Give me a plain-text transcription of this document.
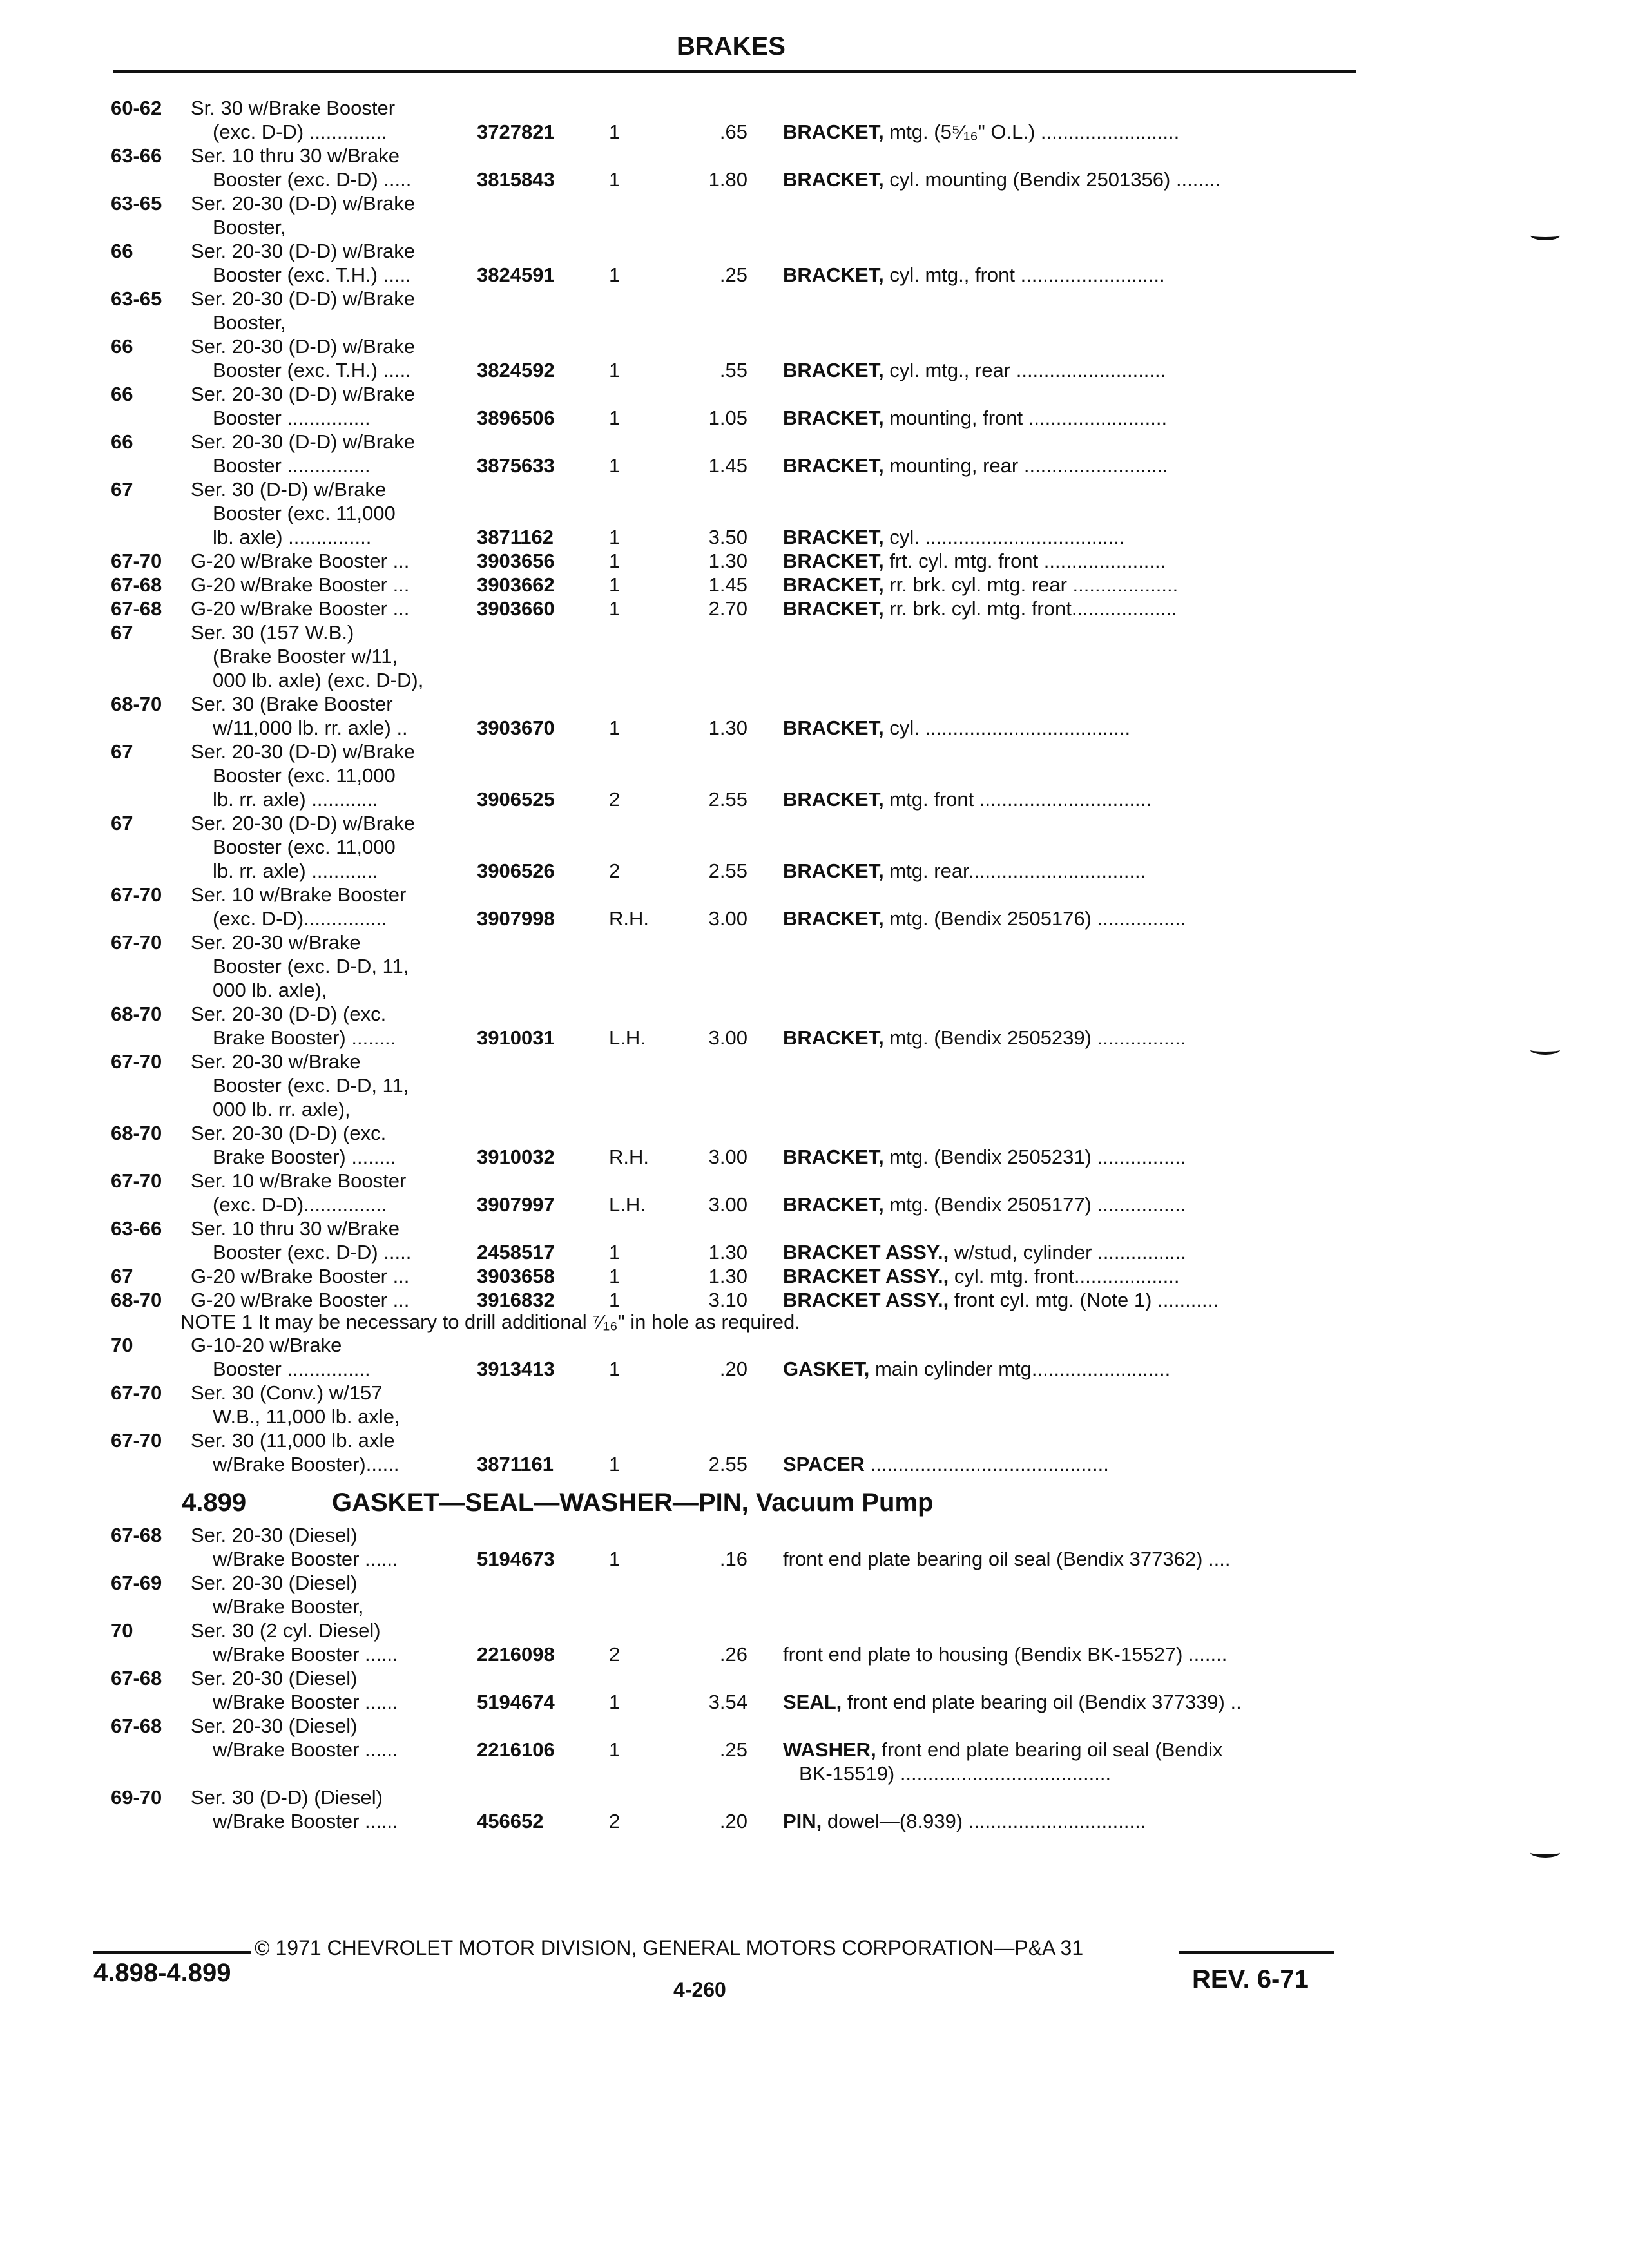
BRAKES
60-62 Sr. 30 w/Brake Booster
(exc. D-D) ..............	3727821	1	.65 BRACKET, mtg. (5⁵⁄₁₆" O.L.) .........................
63-66 Ser. 10 thru 30 w/Brake
Booster (exc. D-D) .....	3815843	1	1.80 BRACKET, cyl. mounting (Bendix 2501356) ........
63-65 Ser. 20-30 (D-D) w/Brake
Booster,
66	Ser. 20-30 (D-D) w/Brake
Booster (exc. T.H.) .....	3824591	1	.25 BRACKET, cyl. mtg., front ..........................
63-65 Ser. 20-30 (D-D) w/Brake
Booster,
66	Ser. 20-30 (D-D) w/Brake
Booster (exc. T.H.) .....	3824592	1	.55 BRACKET, cyl. mtg., rear ...........................
66	Ser. 20-30 (D-D) w/Brake
Booster ...............	3896506	1	1.05 BRACKET, mounting, front .........................
66	Ser. 20-30 (D-D) w/Brake
Booster ...............	3875633	1	1.45 BRACKET, mounting, rear ..........................
67	Ser. 30 (D-D) w/Brake
Booster (exc. 11,000
lb. axle) ...............	3871162	1	3.50 BRACKET, cyl. ....................................
67-70 G-20 w/Brake Booster ...	3903656	1	1.30 BRACKET, frt. cyl. mtg. front ......................
67-68 G-20 w/Brake Booster ...	3903662	1	1.45 BRACKET, rr. brk. cyl. mtg. rear ...................
67-68 G-20 w/Brake Booster ...	3903660	1	2.70 BRACKET, rr. brk. cyl. mtg. front...................
67	Ser. 30 (157 W.B.)
(Brake Booster w/11,
000 lb. axle) (exc. D-D),
68-70 Ser. 30 (Brake Booster
w/11,000 lb. rr. axle) ..	3903670	1	1.30 BRACKET, cyl. .....................................
67	Ser. 20-30 (D-D) w/Brake
Booster (exc. 11,000
lb. rr. axle) ............	3906525	2	2.55 BRACKET, mtg. front ...............................
67	Ser. 20-30 (D-D) w/Brake
Booster (exc. 11,000
lb. rr. axle) ............	3906526	2	2.55 BRACKET, mtg. rear................................
67-70 Ser. 10 w/Brake Booster
(exc. D-D)...............	3907998	R.H.	3.00 BRACKET, mtg. (Bendix 2505176) ................
67-70 Ser. 20-30 w/Brake
Booster (exc. D-D, 11,
000 lb. axle),
68-70 Ser. 20-30 (D-D) (exc.
Brake Booster) ........	3910031	L.H.	3.00 BRACKET, mtg. (Bendix 2505239) ................
67-70 Ser. 20-30 w/Brake
Booster (exc. D-D, 11,
000 lb. rr. axle),
68-70 Ser. 20-30 (D-D) (exc.
Brake Booster) ........	3910032	R.H.	3.00 BRACKET, mtg. (Bendix 2505231) ................
67-70 Ser. 10 w/Brake Booster
(exc. D-D)...............	3907997	L.H.	3.00 BRACKET, mtg. (Bendix 2505177) ................
63-66 Ser. 10 thru 30 w/Brake
Booster (exc. D-D) .....	2458517	1	1.30 BRACKET ASSY., w/stud, cylinder ................
67	G-20 w/Brake Booster ...	3903658	1	1.30 BRACKET ASSY., cyl. mtg. front...................
68-70 G-20 w/Brake Booster ...	3916832	1	3.10 BRACKET ASSY., front cyl. mtg. (Note 1) ...........
70	G-10-20 w/Brake
Booster ...............	3913413	1	.20 GASKET, main cylinder mtg.........................
67-70 Ser. 30 (Conv.) w/157
W.B., 11,000 lb. axle,
67-70 Ser. 30 (11,000 lb. axle
w/Brake Booster)......	3871161	1	2.55 SPACER ...........................................
67-68 Ser. 20-30 (Diesel)
w/Brake Booster ......	5194673	1	.16 front end plate bearing oil seal (Bendix 377362) ....
67-69 Ser. 20-30 (Diesel)
w/Brake Booster,
70	Ser. 30 (2 cyl. Diesel)
w/Brake Booster ......	2216098	2	.26 front end plate to housing (Bendix BK-15527) .......
67-68 Ser. 20-30 (Diesel)
w/Brake Booster ......	5194674	1	3.54 SEAL, front end plate bearing oil (Bendix 377339) ..
67-68 Ser. 20-30 (Diesel)
w/Brake Booster ......	2216106	1	.25 WASHER, front end plate bearing oil seal (Bendix
BK-15519) ......................................
69-70 Ser. 30 (D-D) (Diesel)
w/Brake Booster ......	456652	2	.20 PIN, dowel—(8.939) ................................
NOTE 1 It may be necessary to drill additional ⁷⁄₁₆" in hole as required.
4.899	GASKET—SEAL—WASHER—PIN, Vacuum Pump
© 1971 CHEVROLET MOTOR DIVISION, GENERAL MOTORS CORPORATION—P&A 31
4.898-4.899
4-260	REV. 6-71
